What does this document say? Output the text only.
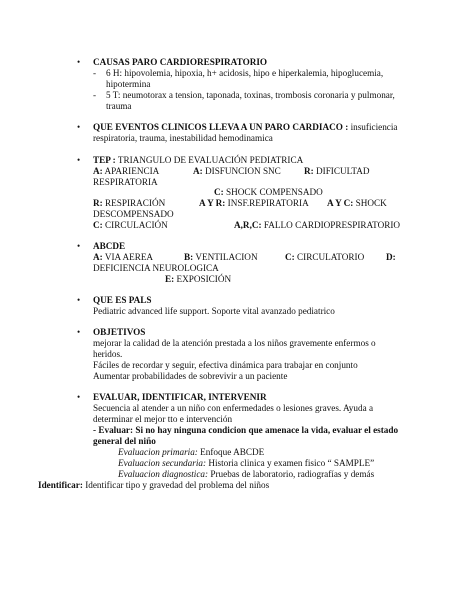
• CAUSAS PARO CARDIORESPIRATORIO
- 6 H: hipovolemia, hipoxia, h+ acidosis, hipo e hiperkalemia, hipoglucemia,
hipotermina
- 5 T: neumotorax a tension, taponada, toxinas, trombosis coronaria y pulmonar,
trauma
• QUE EVENTOS CLINICOS LLEVA A UN PARO CARDIACO : insuficiencia
respiratoria, trauma, inestabilidad hemodinamica
• TEP : TRIANGULO DE EVALUACIÓN PEDIATRICA
A: APARIENCIA	A: DISFUNCION SNC	R: DIFICULTAD
RESPIRATORIA
C: SHOCK COMPENSADO
R: RESPIRACIÓN	A Y R: INSF.REPIRATORIA A Y C: SHOCK
DESCOMPENSADO
C: CIRCULACIÓN	A,R,C: FALLO CARDIOPRESPIRATORIO
• ABCDE
A: VIA AEREA	B: VENTILACION	C: CIRCULATORIO D:
DEFICIENCIA NEUROLOGICA
E: EXPOSICIÓN
• QUE ES PALS
Pediatric advanced life support. Soporte vital avanzado pediatrico
• OBJETIVOS
mejorar la calidad de la atención prestada a los niños gravemente enfermos o
heridos.
Fáciles de recordar y seguir, efectiva dinámica para trabajar en conjunto
Aumentar probabilidades de sobrevivir a un paciente
• EVALUAR, IDENTIFICAR, INTERVENIR
Secuencia al atender a un niño con enfermedades o lesiones graves. Ayuda a
determinar el mejor tto e intervención
- Evaluar: Si no hay ninguna condicion que amenace la vida, evaluar el estado
general del niño
Evaluacion primaria: Enfoque ABCDE
Evaluacion secundaria: Historia clinica y examen fisico “ SAMPLE”
Evaluacion diagnostica: Pruebas de laboratorio, radiografías y demás
Identificar: Identificar tipo y gravedad del problema del niños
